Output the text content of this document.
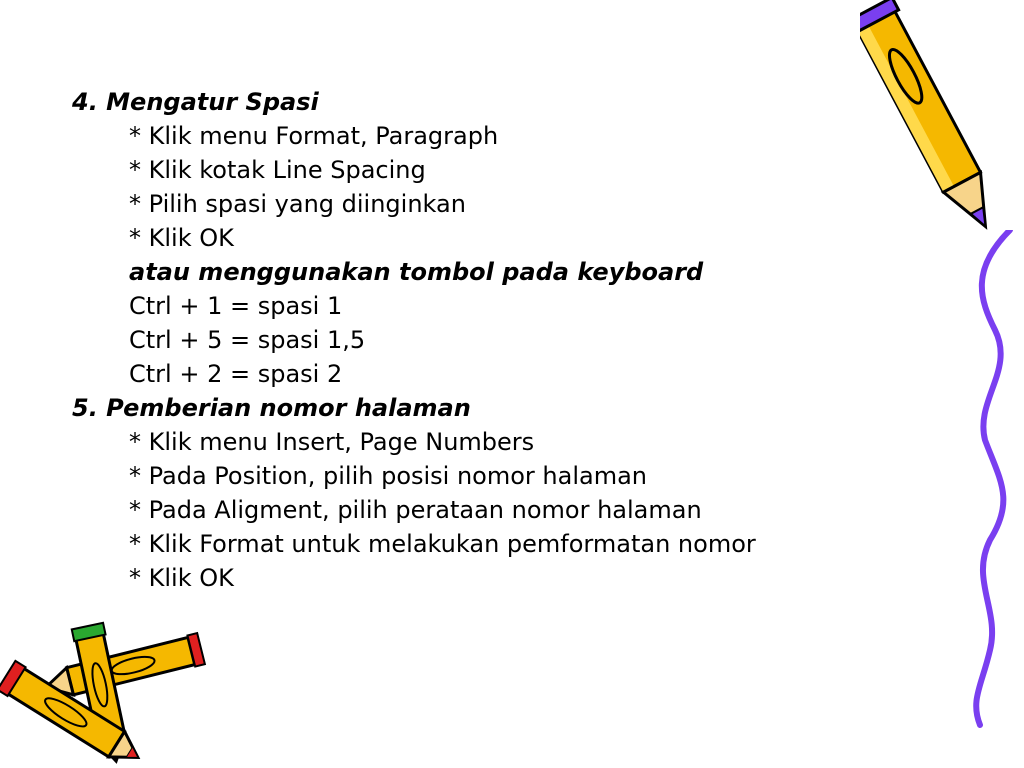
4. Mengatur Spasi
* Klik menu Format, Paragraph
* Klik kotak Line Spacing
* Pilih spasi yang diinginkan
* Klik OK
atau menggunakan tombol pada keyboard
Ctrl + 1 = spasi 1
Ctrl + 5 = spasi 1,5
Ctrl + 2 = spasi 2
5. Pemberian nomor halaman
* Klik menu Insert, Page Numbers
* Pada Position, pilih posisi nomor halaman
* Pada Aligment, pilih perataan nomor halaman
* Klik Format untuk melakukan pemformatan nomor
* Klik OK
